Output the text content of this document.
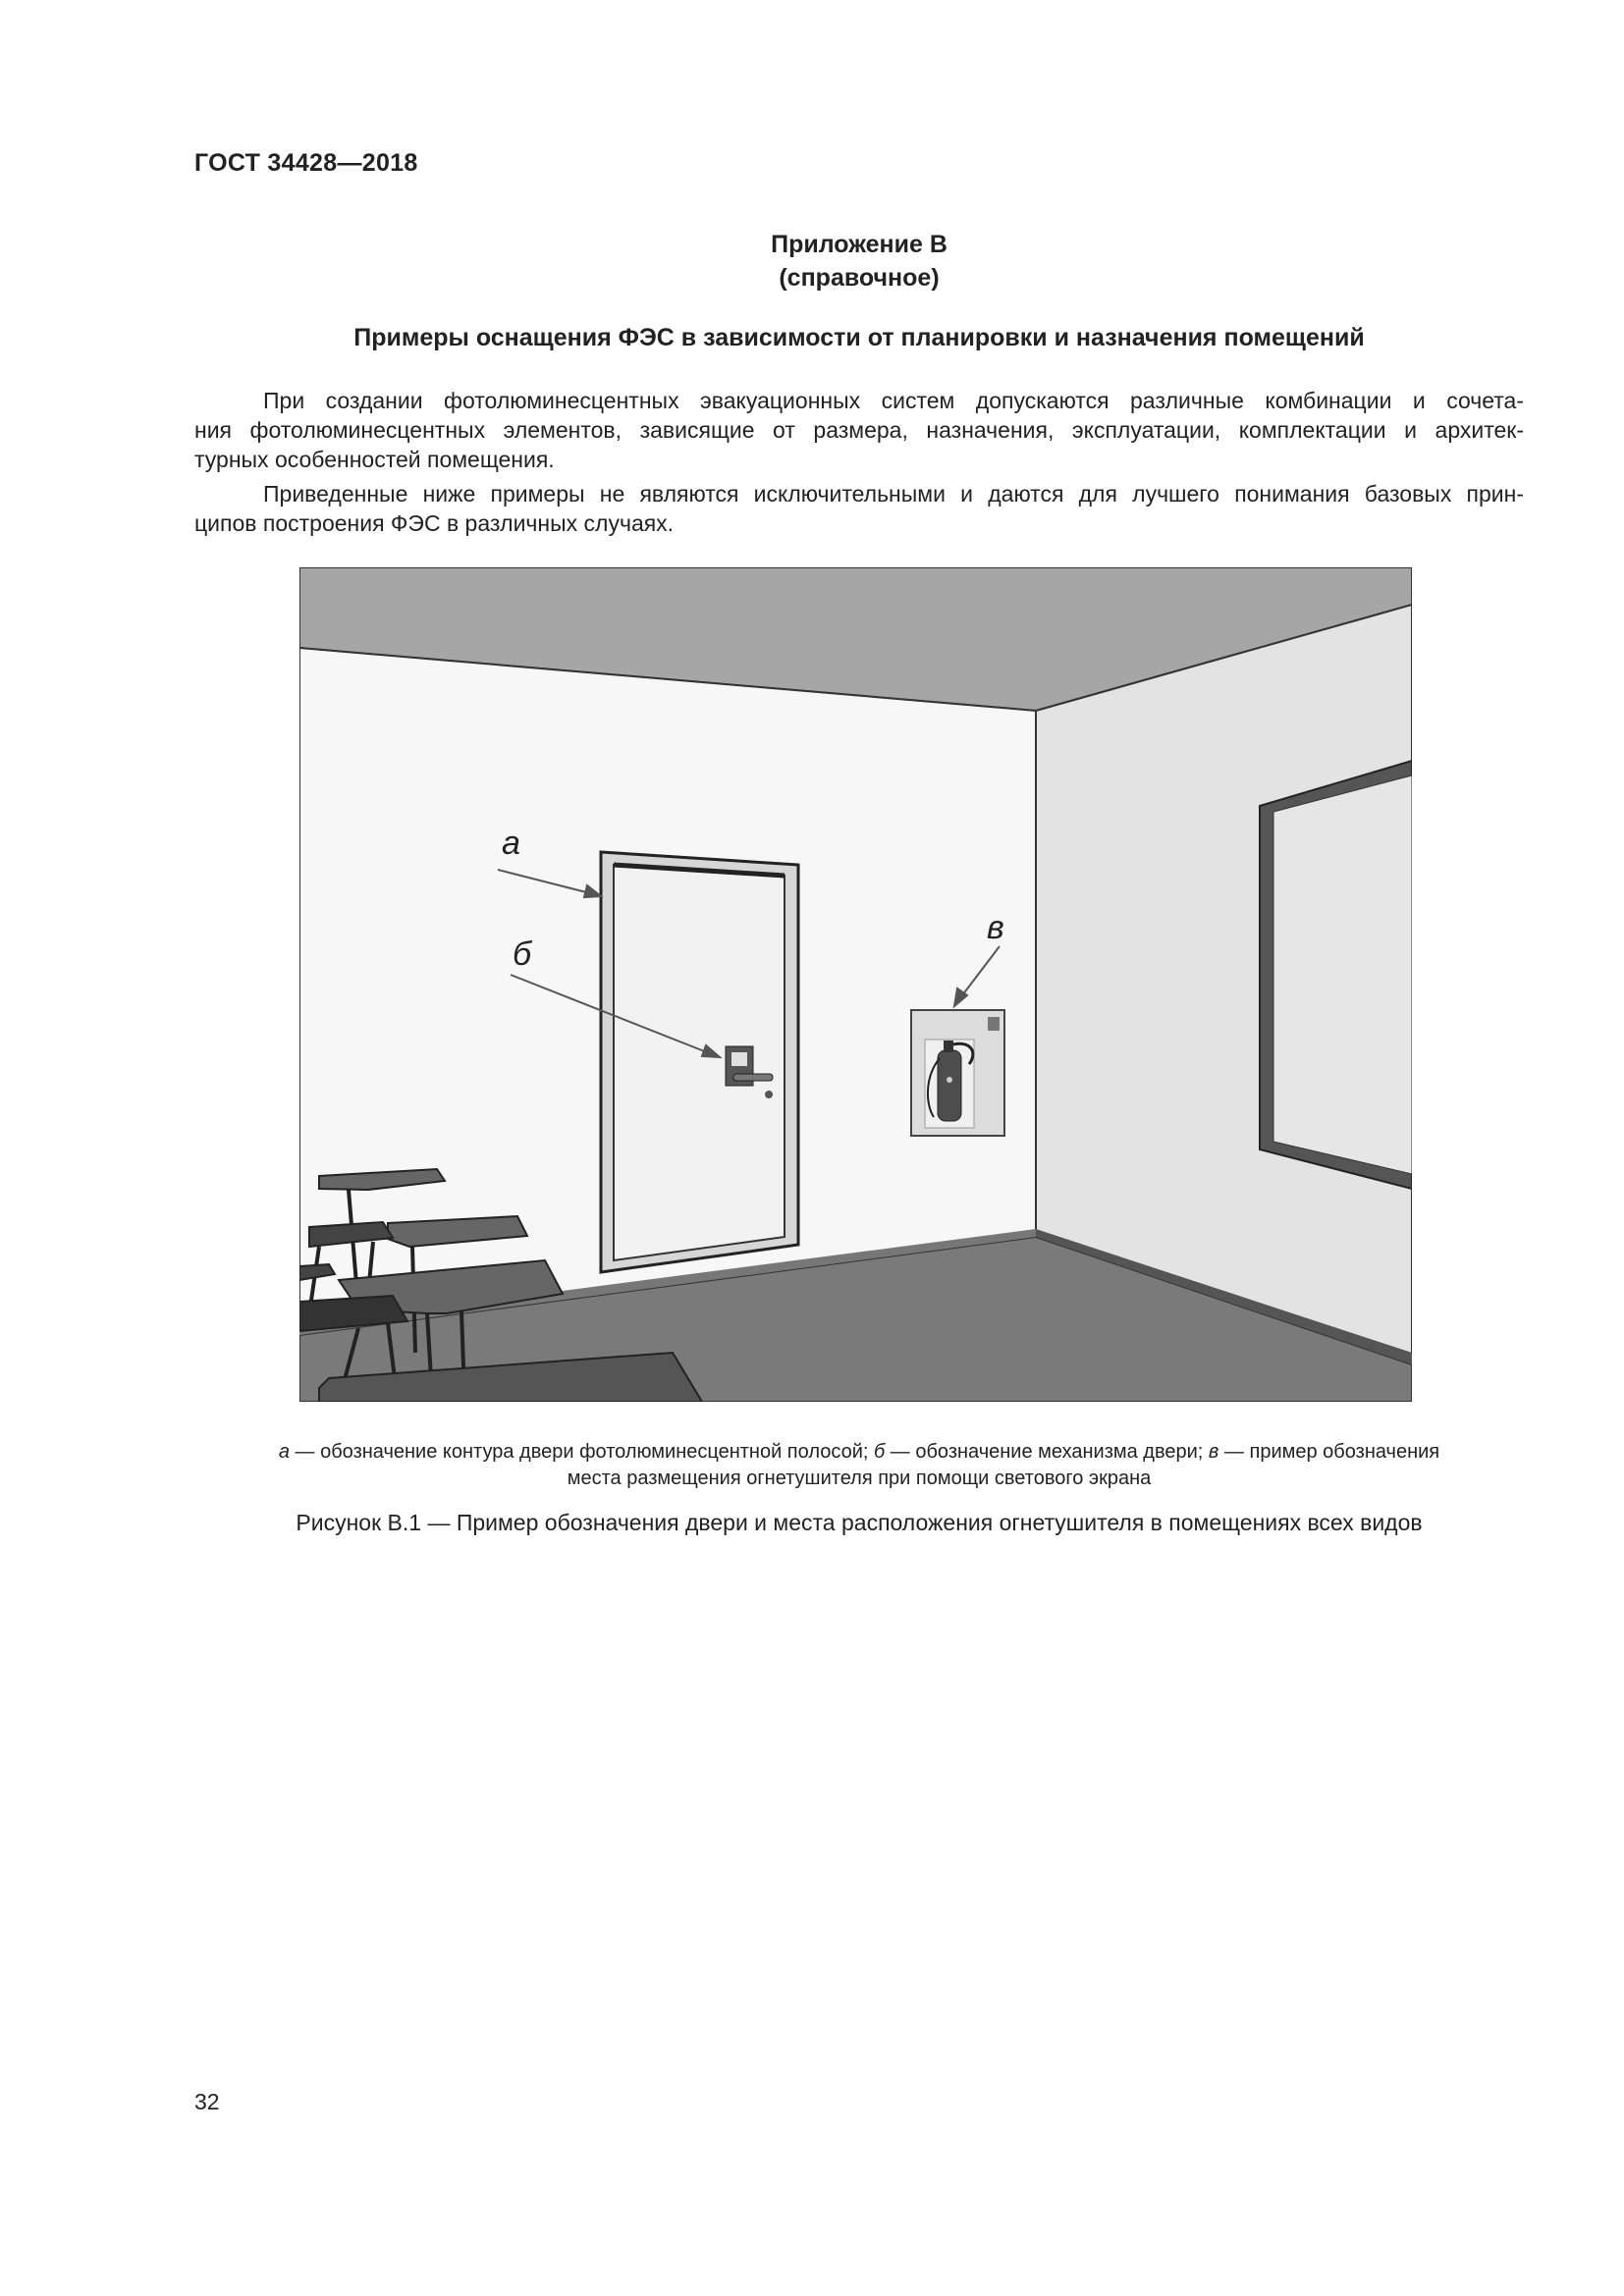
ГОСТ 34428—2018
Приложение В
(справочное)
Примеры оснащения ФЭС в зависимости от планировки и назначения помещений

При создании фотолюминесцентных эвакуационных систем допускаются различные комбинации и сочета-
ния фотолюминесцентных элементов, зависящие от размера, назначения, эксплуатации, комплектации и архитек-
турных особенностей помещения.

Приведенные ниже примеры не являются исключительными и даются для лучшего понимания базовых прин-
ципов построения ФЭС в различных случаях.

а
б
в
а — обозначение контура двери фотолюминесцентной полосой; б — обозначение механизма двери; в — пример обозначения
места размещения огнетушителя при помощи светового экрана
Рисунок В.1 — Пример обозначения двери и места расположения огнетушителя в помещениях всех видов
32
